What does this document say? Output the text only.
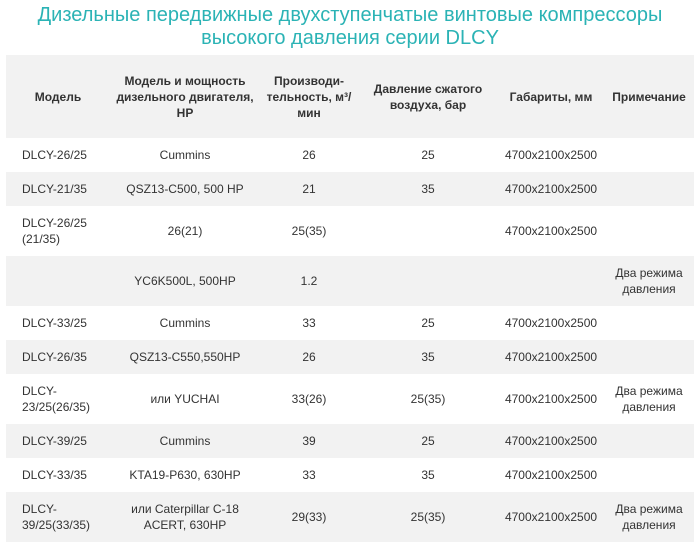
Дизельные передвижные двухступенчатые винтовые компрессоры высокого давления серии DLCY
Модель	Модель и мощность дизельного двигателя, HP	Производи-тельность, м³/мин	Давление сжатого воздуха, бар	Габариты, мм	Примечание
DLCY-26/25	Cummins	26	25	4700x2100x2500	
DLCY-21/35	QSZ13-C500, 500 HP	21	35	4700x2100x2500	
DLCY-26/25 (21/35)	26(21)	25(35)		4700x2100x2500	
	YC6K500L, 500HP	1.2			Два режима давления
DLCY-33/25	Cummins	33	25	4700x2100x2500	
DLCY-26/35	QSZ13-C550,550HP	26	35	4700x2100x2500	
DLCY-23/25(26/35)	или YUCHAI	33(26)	25(35)	4700x2100x2500	Два режима давления
DLCY-39/25	Cummins	39	25	4700x2100x2500	
DLCY-33/35	KTA19-P630, 630HP	33	35	4700x2100x2500	
DLCY-39/25(33/35)	или Caterpillar C-18 ACERT, 630HP	29(33)	25(35)	4700x2100x2500	Два режима давления
